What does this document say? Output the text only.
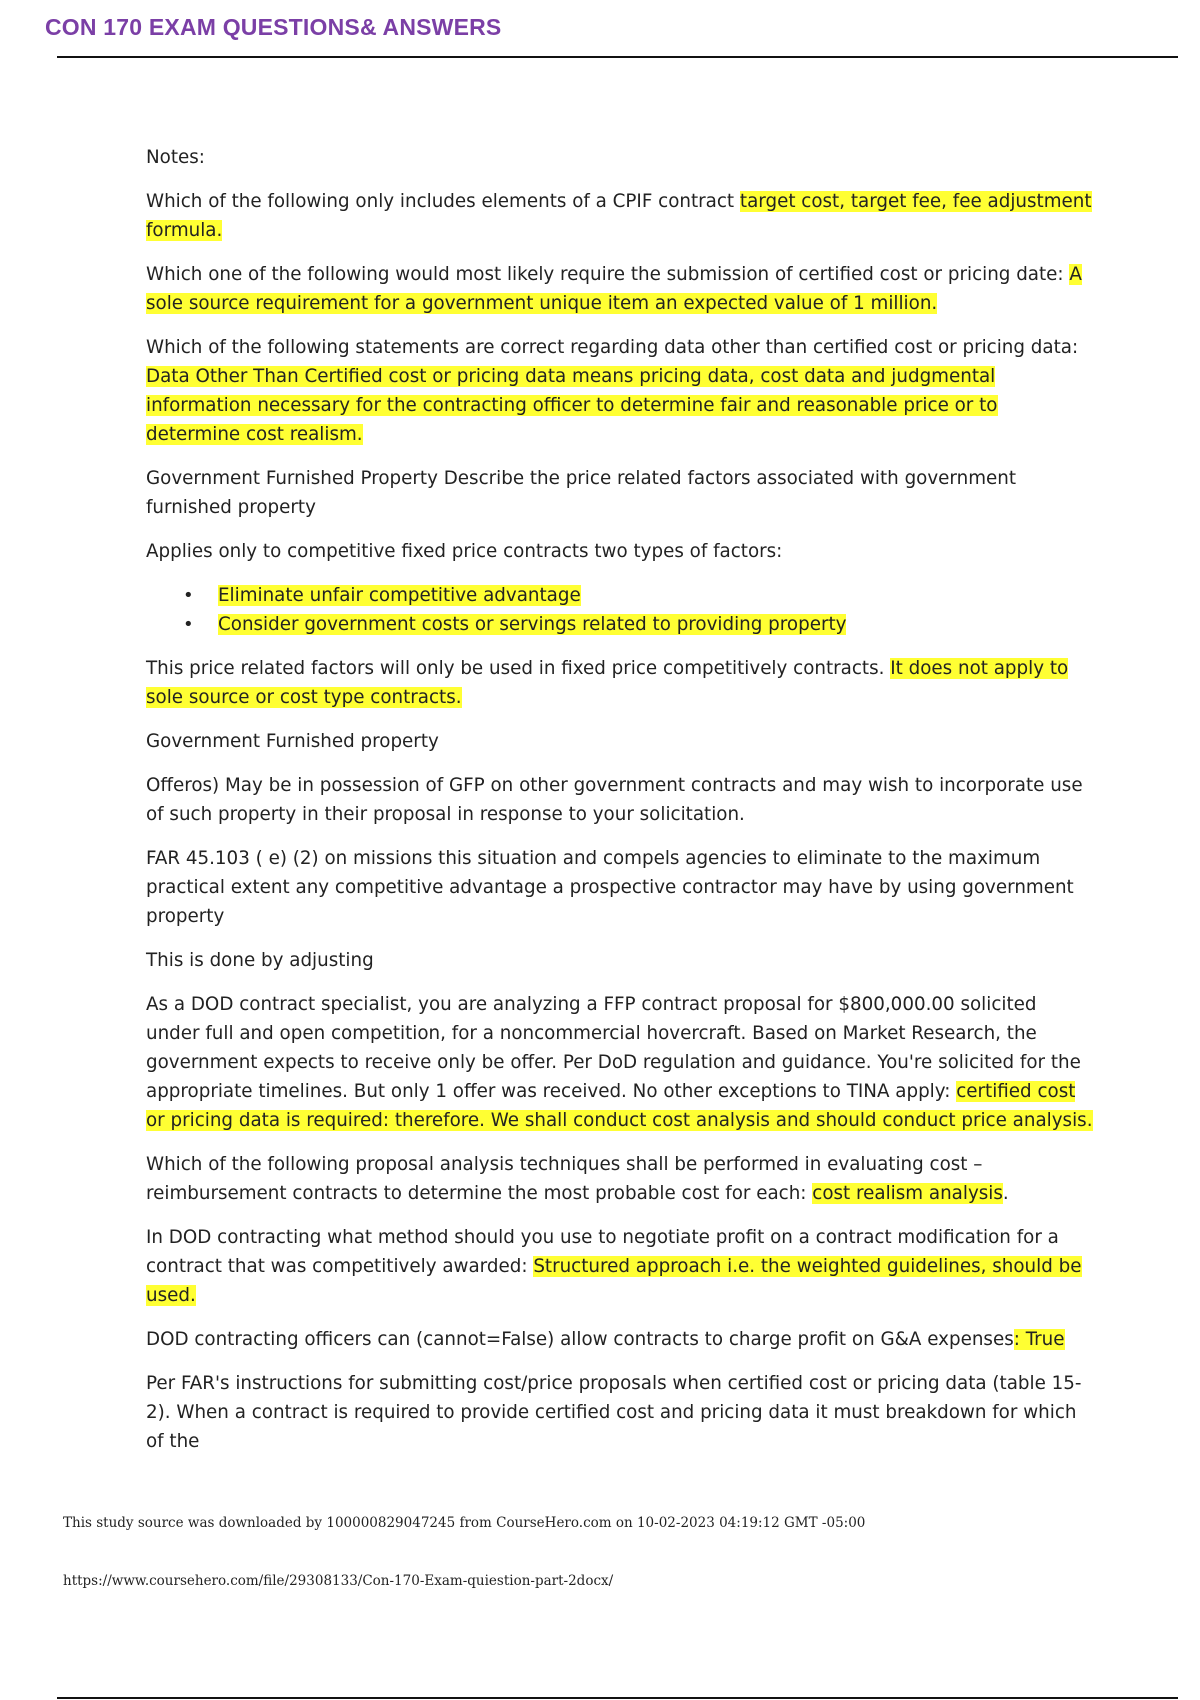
CON 170 EXAM QUESTIONS& ANSWERS

Notes:

Which of the following only includes elements of a CPIF contract target cost, target fee, fee adjustment formula.

Which one of the following would most likely require the submission of certified cost or pricing date: A sole source requirement for a government unique item an expected value of 1 million.

Which of the following statements are correct regarding data other than certified cost or pricing data: Data Other Than Certified cost or pricing data means pricing data, cost data and judgmental information necessary for the contracting officer to determine fair and reasonable price or to determine cost realism.

Government Furnished Property Describe the price related factors associated with government furnished property

Applies only to competitive fixed price contracts two types of factors:

• Eliminate unfair competitive advantage
• Consider government costs or servings related to providing property

This price related factors will only be used in fixed price competitively contracts. It does not apply to sole source or cost type contracts.

Government Furnished property

Offeros) May be in possession of GFP on other government contracts and may wish to incorporate use of such property in their proposal in response to your solicitation.

FAR 45.103 ( e) (2) on missions this situation and compels agencies to eliminate to the maximum practical extent any competitive advantage a prospective contractor may have by using government property

This is done by adjusting

As a DOD contract specialist, you are analyzing a FFP contract proposal for $800,000.00 solicited under full and open competition, for a noncommercial hovercraft. Based on Market Research, the government expects to receive only be offer. Per DoD regulation and guidance. You're solicited for the appropriate timelines. But only 1 offer was received. No other exceptions to TINA apply: certified cost or pricing data is required: therefore. We shall conduct cost analysis and should conduct price analysis.

Which of the following proposal analysis techniques shall be performed in evaluating cost – reimbursement contracts to determine the most probable cost for each: cost realism analysis.

In DOD contracting what method should you use to negotiate profit on a contract modification for a contract that was competitively awarded: Structured approach i.e. the weighted guidelines, should be used.

DOD contracting officers can (cannot=False) allow contracts to charge profit on G&A expenses: True

Per FAR's instructions for submitting cost/price proposals when certified cost or pricing data (table 15-2). When a contract is required to provide certified cost and pricing data it must breakdown for which of the

This study source was downloaded by 100000829047245 from CourseHero.com on 10-02-2023 04:19:12 GMT -05:00
https://www.coursehero.com/file/29308133/Con-170-Exam-quiestion-part-2docx/
